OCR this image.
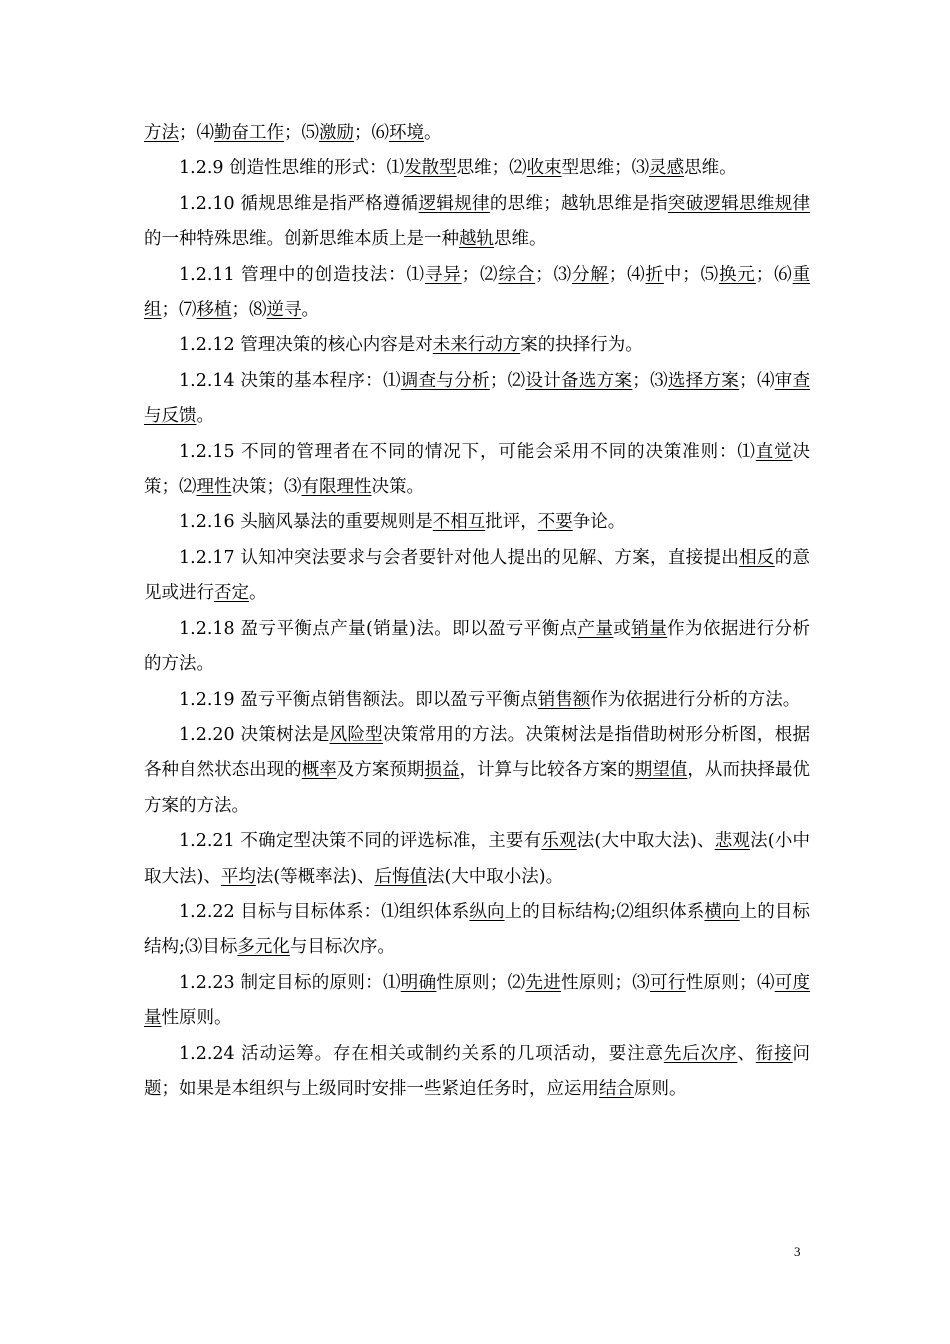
方法；⑷勤奋工作；⑸激励；⑹环境。

1.2.9 创造性思维的形式：⑴发散型思维；⑵收束型思维；⑶灵感思维。

1.2.10 循规思维是指严格遵循逻辑规律的思维；越轨思维是指突破逻辑思维规律的一种特殊思维。创新思维本质上是一种越轨思维。

1.2.11 管理中的创造技法：⑴寻异；⑵综合；⑶分解；⑷折中；⑸换元；⑹重组；⑺移植；⑻逆寻。

1.2.12 管理决策的核心内容是对未来行动方案的抉择行为。

1.2.14 决策的基本程序：⑴调查与分析；⑵设计备选方案；⑶选择方案；⑷审查与反馈。

1.2.15 不同的管理者在不同的情况下，可能会采用不同的决策准则：⑴直觉决策；⑵理性决策；⑶有限理性决策。

1.2.16 头脑风暴法的重要规则是不相互批评，不要争论。

1.2.17 认知冲突法要求与会者要针对他人提出的见解、方案，直接提出相反的意见或进行否定。

1.2.18 盈亏平衡点产量(销量)法。即以盈亏平衡点产量或销量作为依据进行分析的方法。

1.2.19 盈亏平衡点销售额法。即以盈亏平衡点销售额作为依据进行分析的方法。

1.2.20 决策树法是风险型决策常用的方法。决策树法是指借助树形分析图，根据各种自然状态出现的概率及方案预期损益，计算与比较各方案的期望值，从而抉择最优方案的方法。

1.2.21 不确定型决策不同的评选标准，主要有乐观法(大中取大法)、悲观法(小中取大法)、平均法(等概率法)、后悔值法(大中取小法)。

1.2.22 目标与目标体系：⑴组织体系纵向上的目标结构;⑵组织体系横向上的目标结构;⑶目标多元化与目标次序。

1.2.23 制定目标的原则：⑴明确性原则；⑵先进性原则；⑶可行性原则；⑷可度量性原则。

1.2.24 活动运筹。存在相关或制约关系的几项活动，要注意先后次序、衔接问题；如果是本组织与上级同时安排一些紧迫任务时，应运用结合原则。

3
